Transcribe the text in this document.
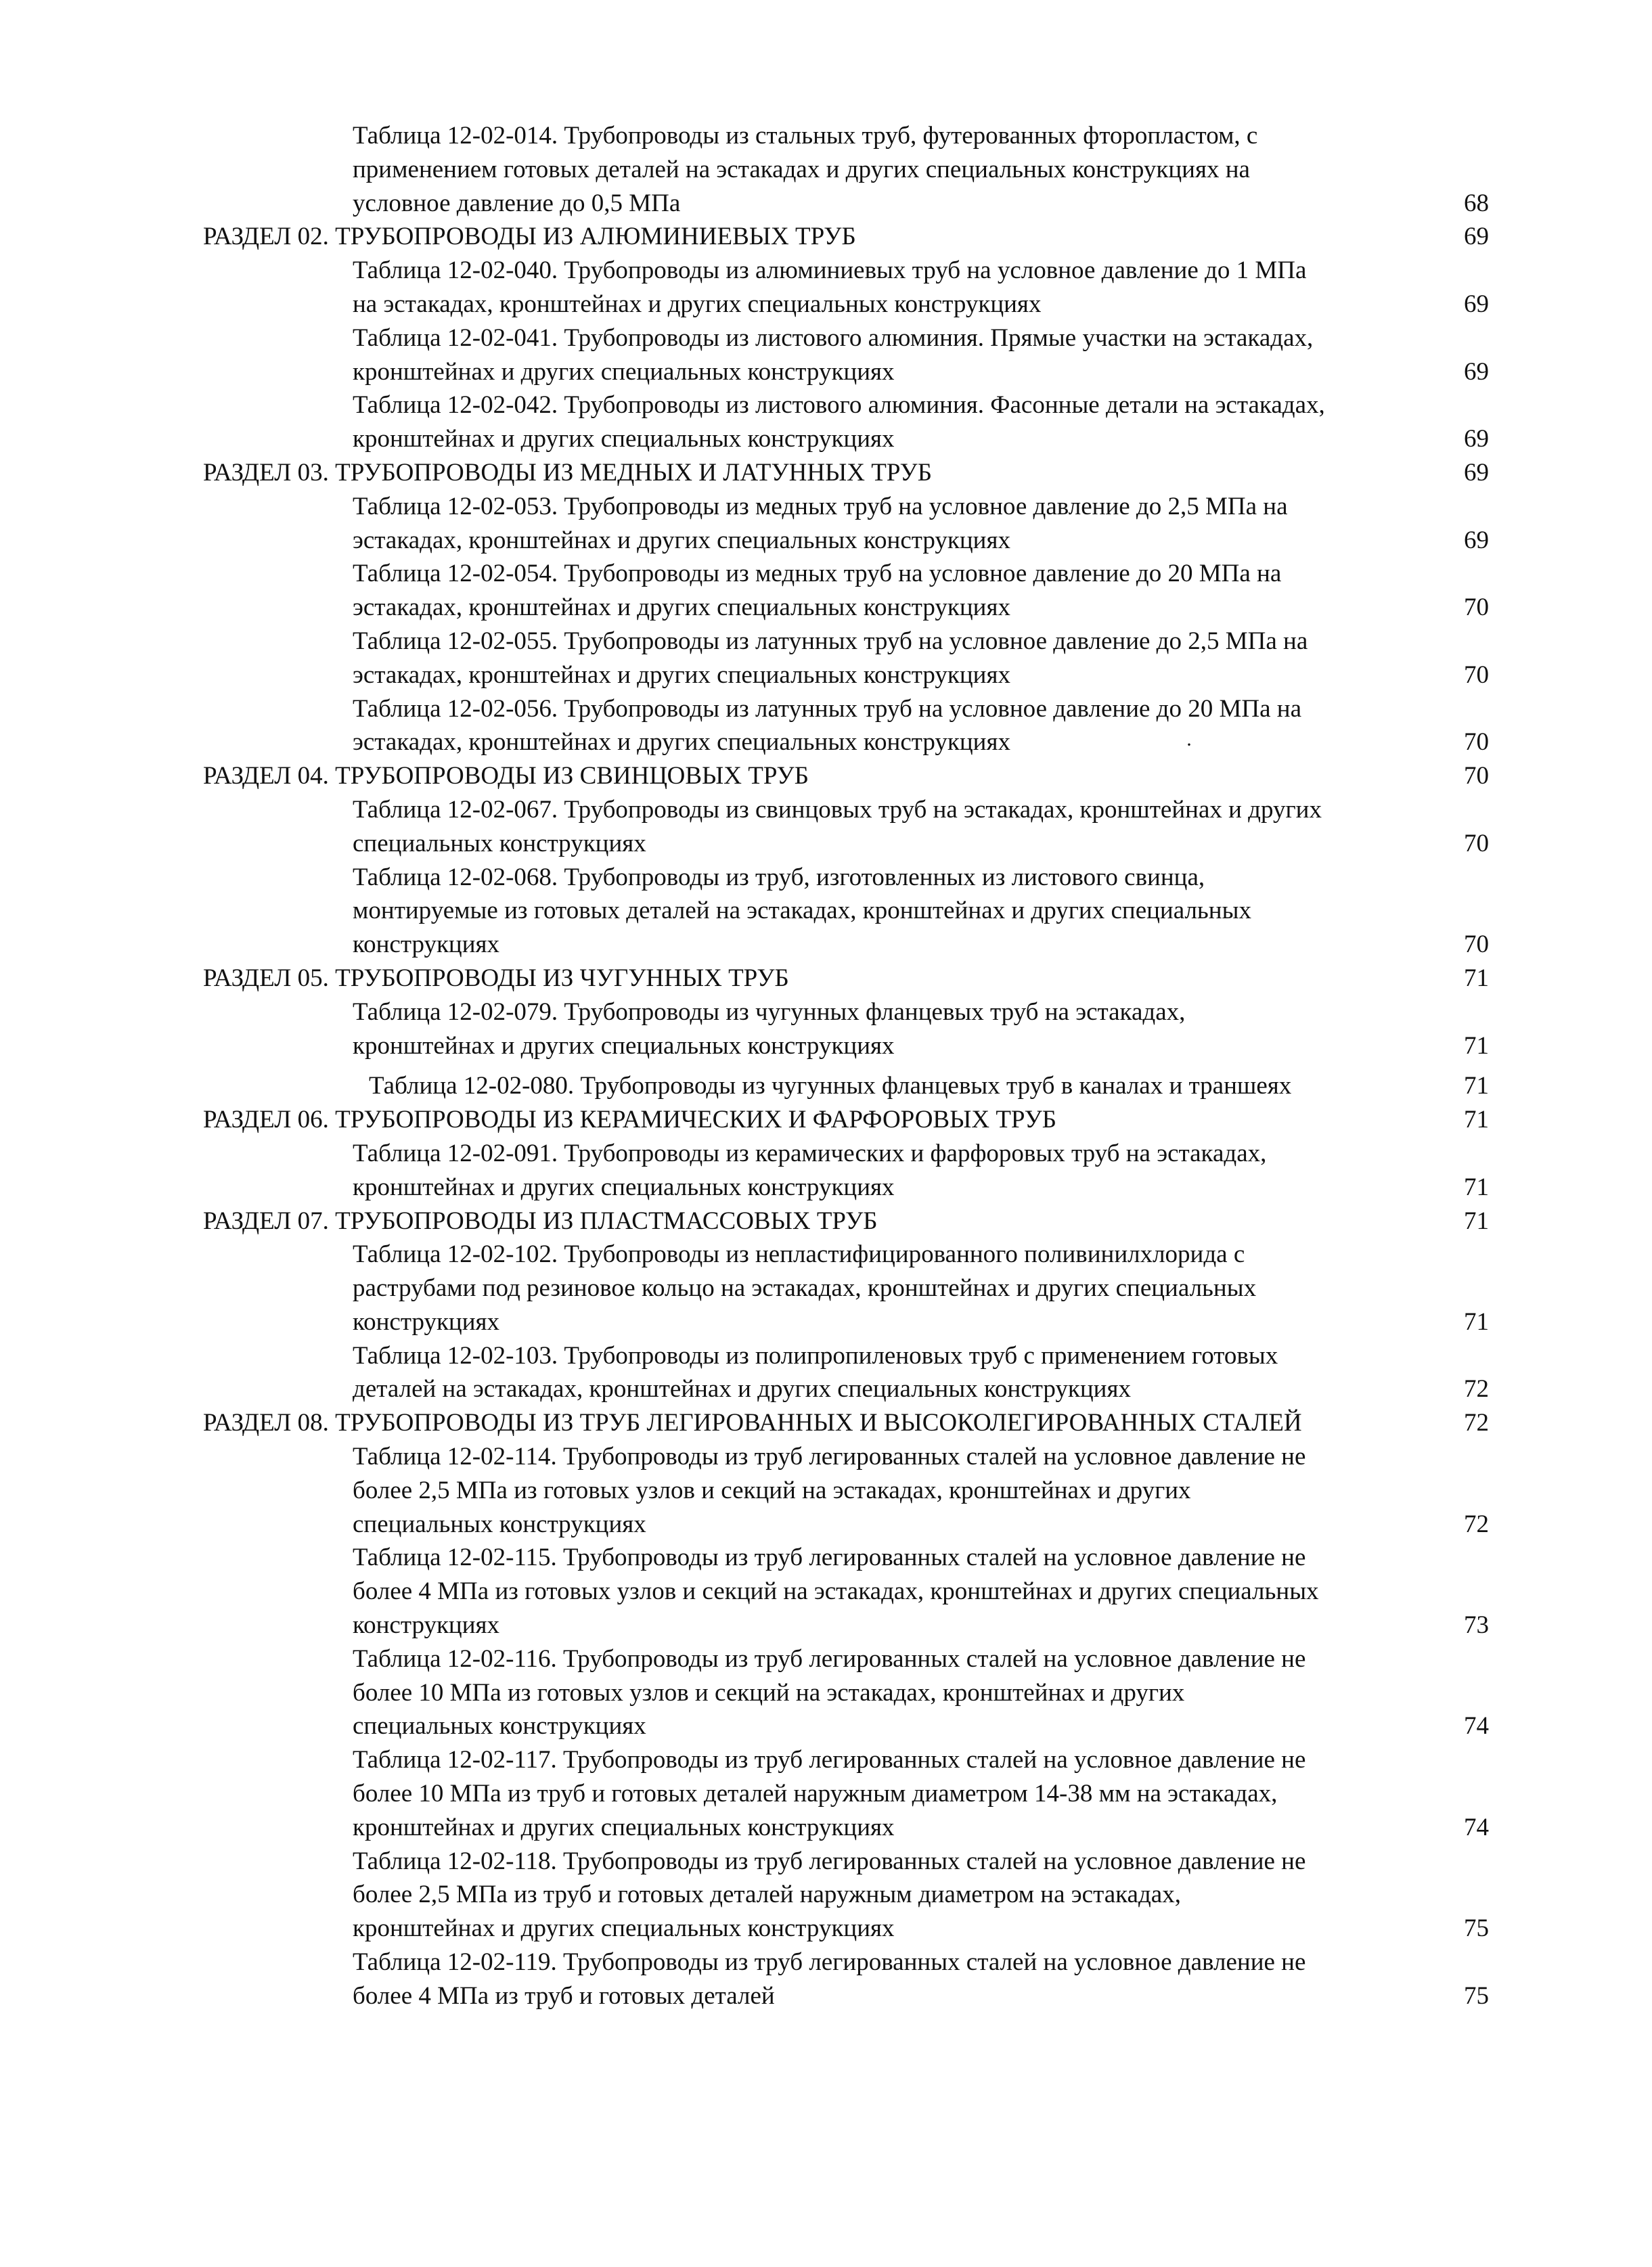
Таблица 12-02-014. Трубопроводы из стальных труб, футерованных фторопластом, с применением готовых деталей на эстакадах и других специальных конструкциях на условное давление до 0,5 МПа	68
РАЗДЕЛ 02. ТРУБОПРОВОДЫ ИЗ АЛЮМИНИЕВЫХ ТРУБ	69
Таблица 12-02-040. Трубопроводы из алюминиевых труб на условное давление до 1 МПа на эстакадах, кронштейнах и других специальных конструкциях	69
Таблица 12-02-041. Трубопроводы из листового алюминия. Прямые участки на эстакадах, кронштейнах и других специальных конструкциях	69
Таблица 12-02-042. Трубопроводы из листового алюминия. Фасонные детали на эстакадах, кронштейнах и других специальных конструкциях	69
РАЗДЕЛ 03. ТРУБОПРОВОДЫ ИЗ МЕДНЫХ И ЛАТУННЫХ ТРУБ	69
Таблица 12-02-053. Трубопроводы из медных труб на условное давление до 2,5 МПа на эстакадах, кронштейнах и других специальных конструкциях	69
Таблица 12-02-054. Трубопроводы из медных труб на условное давление до 20 МПа на эстакадах, кронштейнах и других специальных конструкциях	70
Таблица 12-02-055. Трубопроводы из латунных труб на условное давление до 2,5 МПа на эстакадах, кронштейнах и других специальных конструкциях	70
Таблица 12-02-056. Трубопроводы из латунных труб на условное давление до 20 МПа на эстакадах, кронштейнах и других специальных конструкциях	70
РАЗДЕЛ 04. ТРУБОПРОВОДЫ ИЗ СВИНЦОВЫХ ТРУБ	70
Таблица 12-02-067. Трубопроводы из свинцовых труб на эстакадах, кронштейнах и других специальных конструкциях	70
Таблица 12-02-068. Трубопроводы из труб, изготовленных из листового свинца, монтируемые из готовых деталей на эстакадах, кронштейнах и других специальных конструкциях	70
РАЗДЕЛ 05. ТРУБОПРОВОДЫ ИЗ ЧУГУННЫХ ТРУБ	71
Таблица 12-02-079. Трубопроводы из чугунных фланцевых труб на эстакадах, кронштейнах и других специальных конструкциях	71
Таблица 12-02-080. Трубопроводы из чугунных фланцевых труб в каналах и траншеях	71
РАЗДЕЛ 06. ТРУБОПРОВОДЫ ИЗ КЕРАМИЧЕСКИХ И ФАРФОРОВЫХ ТРУБ	71
Таблица 12-02-091. Трубопроводы из керамических и фарфоровых труб на эстакадах, кронштейнах и других специальных конструкциях	71
РАЗДЕЛ 07. ТРУБОПРОВОДЫ ИЗ ПЛАСТМАССОВЫХ ТРУБ	71
Таблица 12-02-102. Трубопроводы из непластифицированного поливинилхлорида с раструбами под резиновое кольцо на эстакадах, кронштейнах и других специальных конструкциях	71
Таблица 12-02-103. Трубопроводы из полипропиленовых труб с применением готовых деталей на эстакадах, кронштейнах и других специальных конструкциях	72
РАЗДЕЛ 08. ТРУБОПРОВОДЫ ИЗ ТРУБ ЛЕГИРОВАННЫХ И ВЫСОКОЛЕГИРОВАННЫХ СТАЛЕЙ	72
Таблица 12-02-114. Трубопроводы из труб легированных сталей на условное давление не более 2,5 МПа из готовых узлов и секций на эстакадах, кронштейнах и других специальных конструкциях	72
Таблица 12-02-115. Трубопроводы из труб легированных сталей на условное давление не более 4 МПа из готовых узлов и секций на эстакадах, кронштейнах и других специальных конструкциях	73
Таблица 12-02-116. Трубопроводы из труб легированных сталей на условное давление не более 10 МПа из готовых узлов и секций на эстакадах, кронштейнах и других специальных конструкциях	74
Таблица 12-02-117. Трубопроводы из труб легированных сталей на условное давление не более 10 МПа из труб и готовых деталей наружным диаметром 14-38 мм на эстакадах, кронштейнах и других специальных конструкциях	74
Таблица 12-02-118. Трубопроводы из труб легированных сталей на условное давление не более 2,5 МПа из труб и готовых деталей наружным диаметром на эстакадах, кронштейнах и других специальных конструкциях	75
Таблица 12-02-119. Трубопроводы из труб легированных сталей на условное давление не более 4 МПа из труб и готовых деталей	75
·
